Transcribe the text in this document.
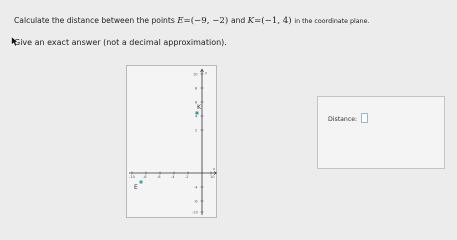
Calculate the distance between the points E=(−9, −2) and K=(−1, 4) in the coordinate plane.
Give an exact answer (not a decimal approximation).
y
x
10
8
6
4
2
-4
-6
-10
-10 -8	-6	-4	-2	10
E
K
Distance:
